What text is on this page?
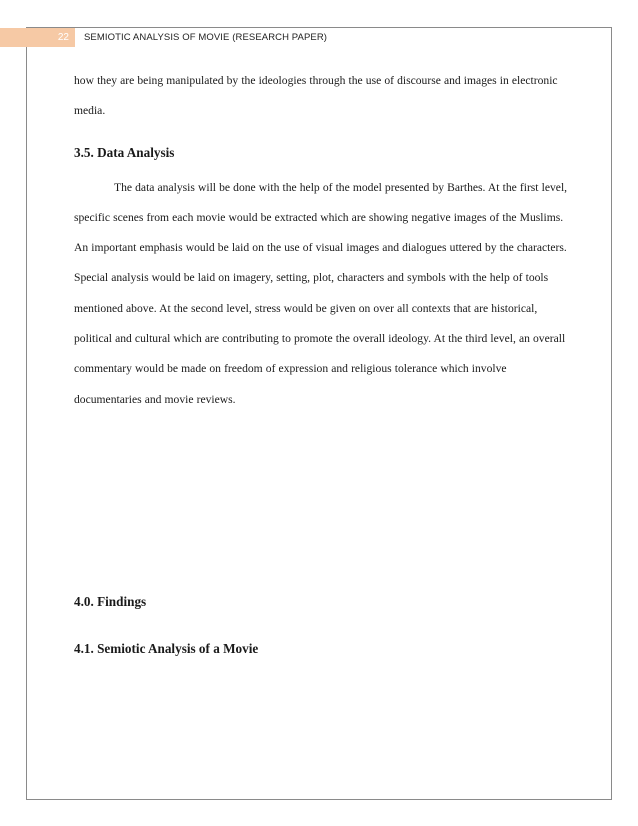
22 SEMIOTIC ANALYSIS OF MOVIE (RESEARCH PAPER)

how they are being manipulated by the ideologies through the use of discourse and images in electronic media.

3.5. Data Analysis

The data analysis will be done with the help of the model presented by Barthes. At the first level, specific scenes from each movie would be extracted which are showing negative images of the Muslims. An important emphasis would be laid on the use of visual images and dialogues uttered by the characters. Special analysis would be laid on imagery, setting, plot, characters and symbols with the help of tools mentioned above. At the second level, stress would be given on over all contexts that are historical, political and cultural which are contributing to promote the overall ideology. At the third level, an overall commentary would be made on freedom of expression and religious tolerance which involve documentaries and movie reviews.

4.0. Findings
4.1. Semiotic Analysis of a Movie
